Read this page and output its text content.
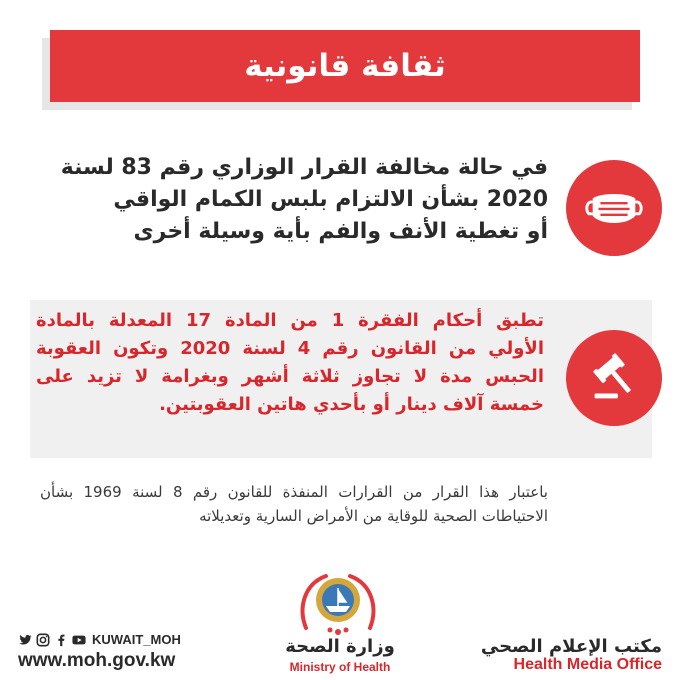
ثقافة قانونية

في حالة مخالفة القرار الوزاري رقم 83 لسنة

2020 بشأن الالتزام بلبس الكمام الواقي

أو تغطية الأنف والفم بأية وسيلة أخرى

تطبق أحكام الفقرة 1 من المادة 17 المعدلة بالمادة الأولي من القانون رقم 4 لسنة 2020 وتكون العقوبة الحبس مدة لا تجاوز ثلاثة أشهر وبغرامة لا تزيد على خمسة آلاف دينار أو بأحدي هاتين العقوبتين.
باعتبار هذا القرار من القرارات المنفذة للقانون رقم 8 لسنة 1969 بشأن الاحتياطات الصحية للوقاية من الأمراض السارية وتعديلاته
KUWAIT_MOH
www.moh.gov.kw
وزارة الصحة
Ministry of Health
مكتب الإعلام الصحي
Health Media Office
